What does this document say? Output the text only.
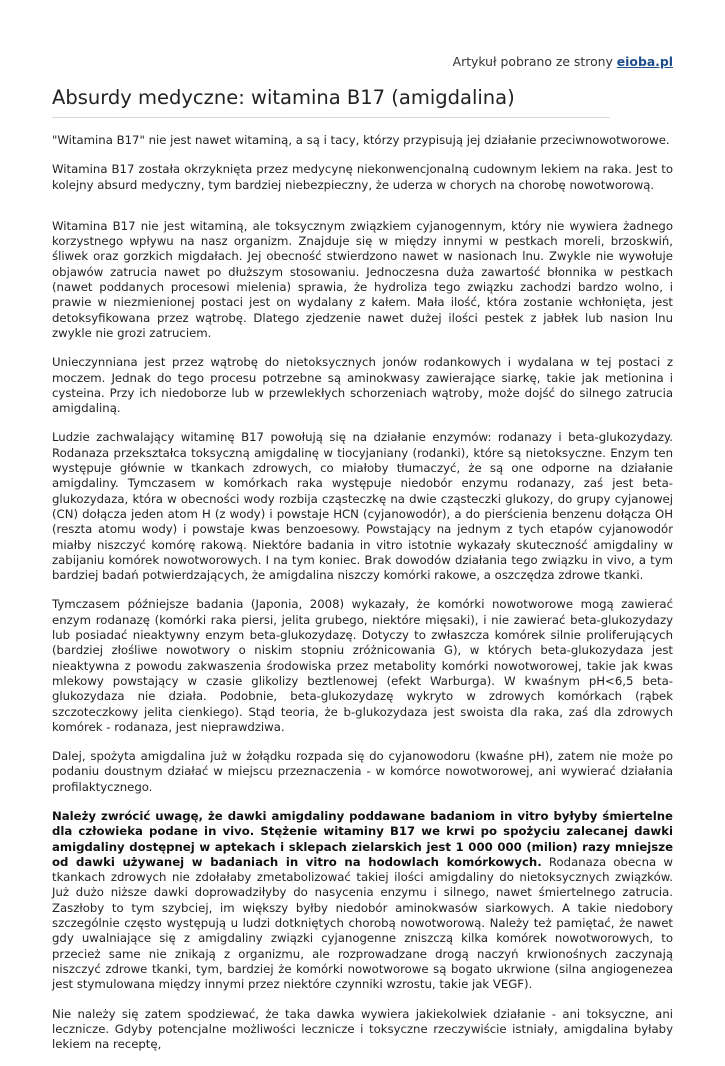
Artykuł pobrano ze strony eioba.pl
Absurdy medyczne: witamina B17 (amigdalina)

"Witamina B17" nie jest nawet witaminą, a są i tacy, którzy przypisują jej działanie przeciwnowotworowe.

Witamina B17 została okrzyknięta przez medycynę niekonwencjonalną cudownym lekiem na raka. Jest to kolejny absurd medyczny, tym bardziej niebezpieczny, że uderza w chorych na chorobę nowotworową.

Witamina B17 nie jest witaminą, ale toksycznym związkiem cyjanogennym, który nie wywiera żadnego korzystnego wpływu na nasz organizm. Znajduje się w między innymi w pestkach moreli, brzoskwiń, śliwek oraz gorzkich migdałach. Jej obecność stwierdzono nawet w nasionach lnu. Zwykle nie wywołuje objawów zatrucia nawet po dłuższym stosowaniu. Jednoczesna duża zawartość błonnika w pestkach (nawet poddanych procesowi mielenia) sprawia, że hydroliza tego związku zachodzi bardzo wolno, i prawie w niezmienionej postaci jest on wydalany z kałem. Mała ilość, która zostanie wchłonięta, jest detoksyfikowana przez wątrobę. Dlatego zjedzenie nawet dużej ilości pestek z jabłek lub nasion lnu zwykle nie grozi zatruciem.

Unieczynniana jest przez wątrobę do nietoksycznych jonów rodankowych i wydalana w tej postaci z moczem. Jednak do tego procesu potrzebne są aminokwasy zawierające siarkę, takie jak metionina i cysteina. Przy ich niedoborze lub w przewlekłych schorzeniach wątroby, może dojść do silnego zatrucia amigdaliną.

Ludzie zachwalający witaminę B17 powołują się na działanie enzymów: rodanazy i beta-glukozydazy. Rodanaza przekształca toksyczną amigdalinę w tiocyjaniany (rodanki), które są nietoksyczne. Enzym ten występuje głównie w tkankach zdrowych, co miałoby tłumaczyć, że są one odporne na działanie amigdaliny. Tymczasem w komórkach raka występuje niedobór enzymu rodanazy, zaś jest beta-glukozydaza, która w obecności wody rozbija cząsteczkę na dwie cząsteczki glukozy, do grupy cyjanowej (CN) dołącza jeden atom H (z wody) i powstaje HCN (cyjanowodór), a do pierścienia benzenu dołącza OH (reszta atomu wody) i powstaje kwas benzoesowy. Powstający na jednym z tych etapów cyjanowodór miałby niszczyć komórę rakową. Niektóre badania in vitro istotnie wykazały skuteczność amigdaliny w zabijaniu komórek nowotworowych. I na tym koniec. Brak dowodów działania tego związku in vivo, a tym bardziej badań potwierdzających, że amigdalina niszczy komórki rakowe, a oszczędza zdrowe tkanki.

Tymczasem późniejsze badania (Japonia, 2008) wykazały, że komórki nowotworowe mogą zawierać enzym rodanazę (komórki raka piersi, jelita grubego, niektóre mięsaki), i nie zawierać beta-glukozydazy lub posiadać nieaktywny enzym beta-glukozydazę. Dotyczy to zwłaszcza komórek silnie proliferujących (bardziej złośliwe nowotwory o niskim stopniu zróżnicowania G), w których beta-glukozydaza jest nieaktywna z powodu zakwaszenia środowiska przez metabolity komórki nowotworowej, takie jak kwas mlekowy powstający w czasie glikolizy beztlenowej (efekt Warburga). W kwaśnym pH<6,5 beta-glukozydaza nie działa. Podobnie, beta-glukozydazę wykryto w zdrowych komórkach (rąbek szczoteczkowy jelita cienkiego). Stąd teoria, że b-glukozydaza jest swoista dla raka, zaś dla zdrowych komórek - rodanaza, jest nieprawdziwa.

Dalej, spożyta amigdalina już w żołądku rozpada się do cyjanowodoru (kwaśne pH), zatem nie może po podaniu doustnym działać w miejscu przeznaczenia - w komórce nowotworowej, ani wywierać działania profilaktycznego.

Należy zwrócić uwagę, że dawki amigdaliny poddawane badaniom in vitro byłyby śmiertelne dla człowieka podane in vivo. Stężenie witaminy B17 we krwi po spożyciu zalecanej dawki amigdaliny dostępnej w aptekach i sklepach zielarskich jest 1 000 000 (milion) razy mniejsze od dawki używanej w badaniach in vitro na hodowlach komórkowych. Rodanaza obecna w tkankach zdrowych nie zdołałaby zmetabolizować takiej ilości amigdaliny do nietoksycznych związków. Już dużo niższe dawki doprowadziłyby do nasycenia enzymu i silnego, nawet śmiertelnego zatrucia. Zaszłoby to tym szybciej, im większy byłby niedobór aminokwasów siarkowych. A takie niedobory szczególnie często występują u ludzi dotkniętych chorobą nowotworową. Należy też pamiętać, że nawet gdy uwalniające się z amigdaliny związki cyjanogenne zniszczą kilka komórek nowotworowych, to przecież same nie znikają z organizmu, ale rozprowadzane drogą naczyń krwionośnych zaczynają niszczyć zdrowe tkanki, tym, bardziej że komórki nowotworowe są bogato ukrwione (silna angiogenezea jest stymulowana między innymi przez niektóre czynniki wzrostu, takie jak VEGF).

Nie należy się zatem spodziewać, że taka dawka wywiera jakiekolwiek działanie - ani toksyczne, ani lecznicze. Gdyby potencjalne możliwości lecznicze i toksyczne rzeczywiście istniały, amigdalina byłaby lekiem na receptę,
